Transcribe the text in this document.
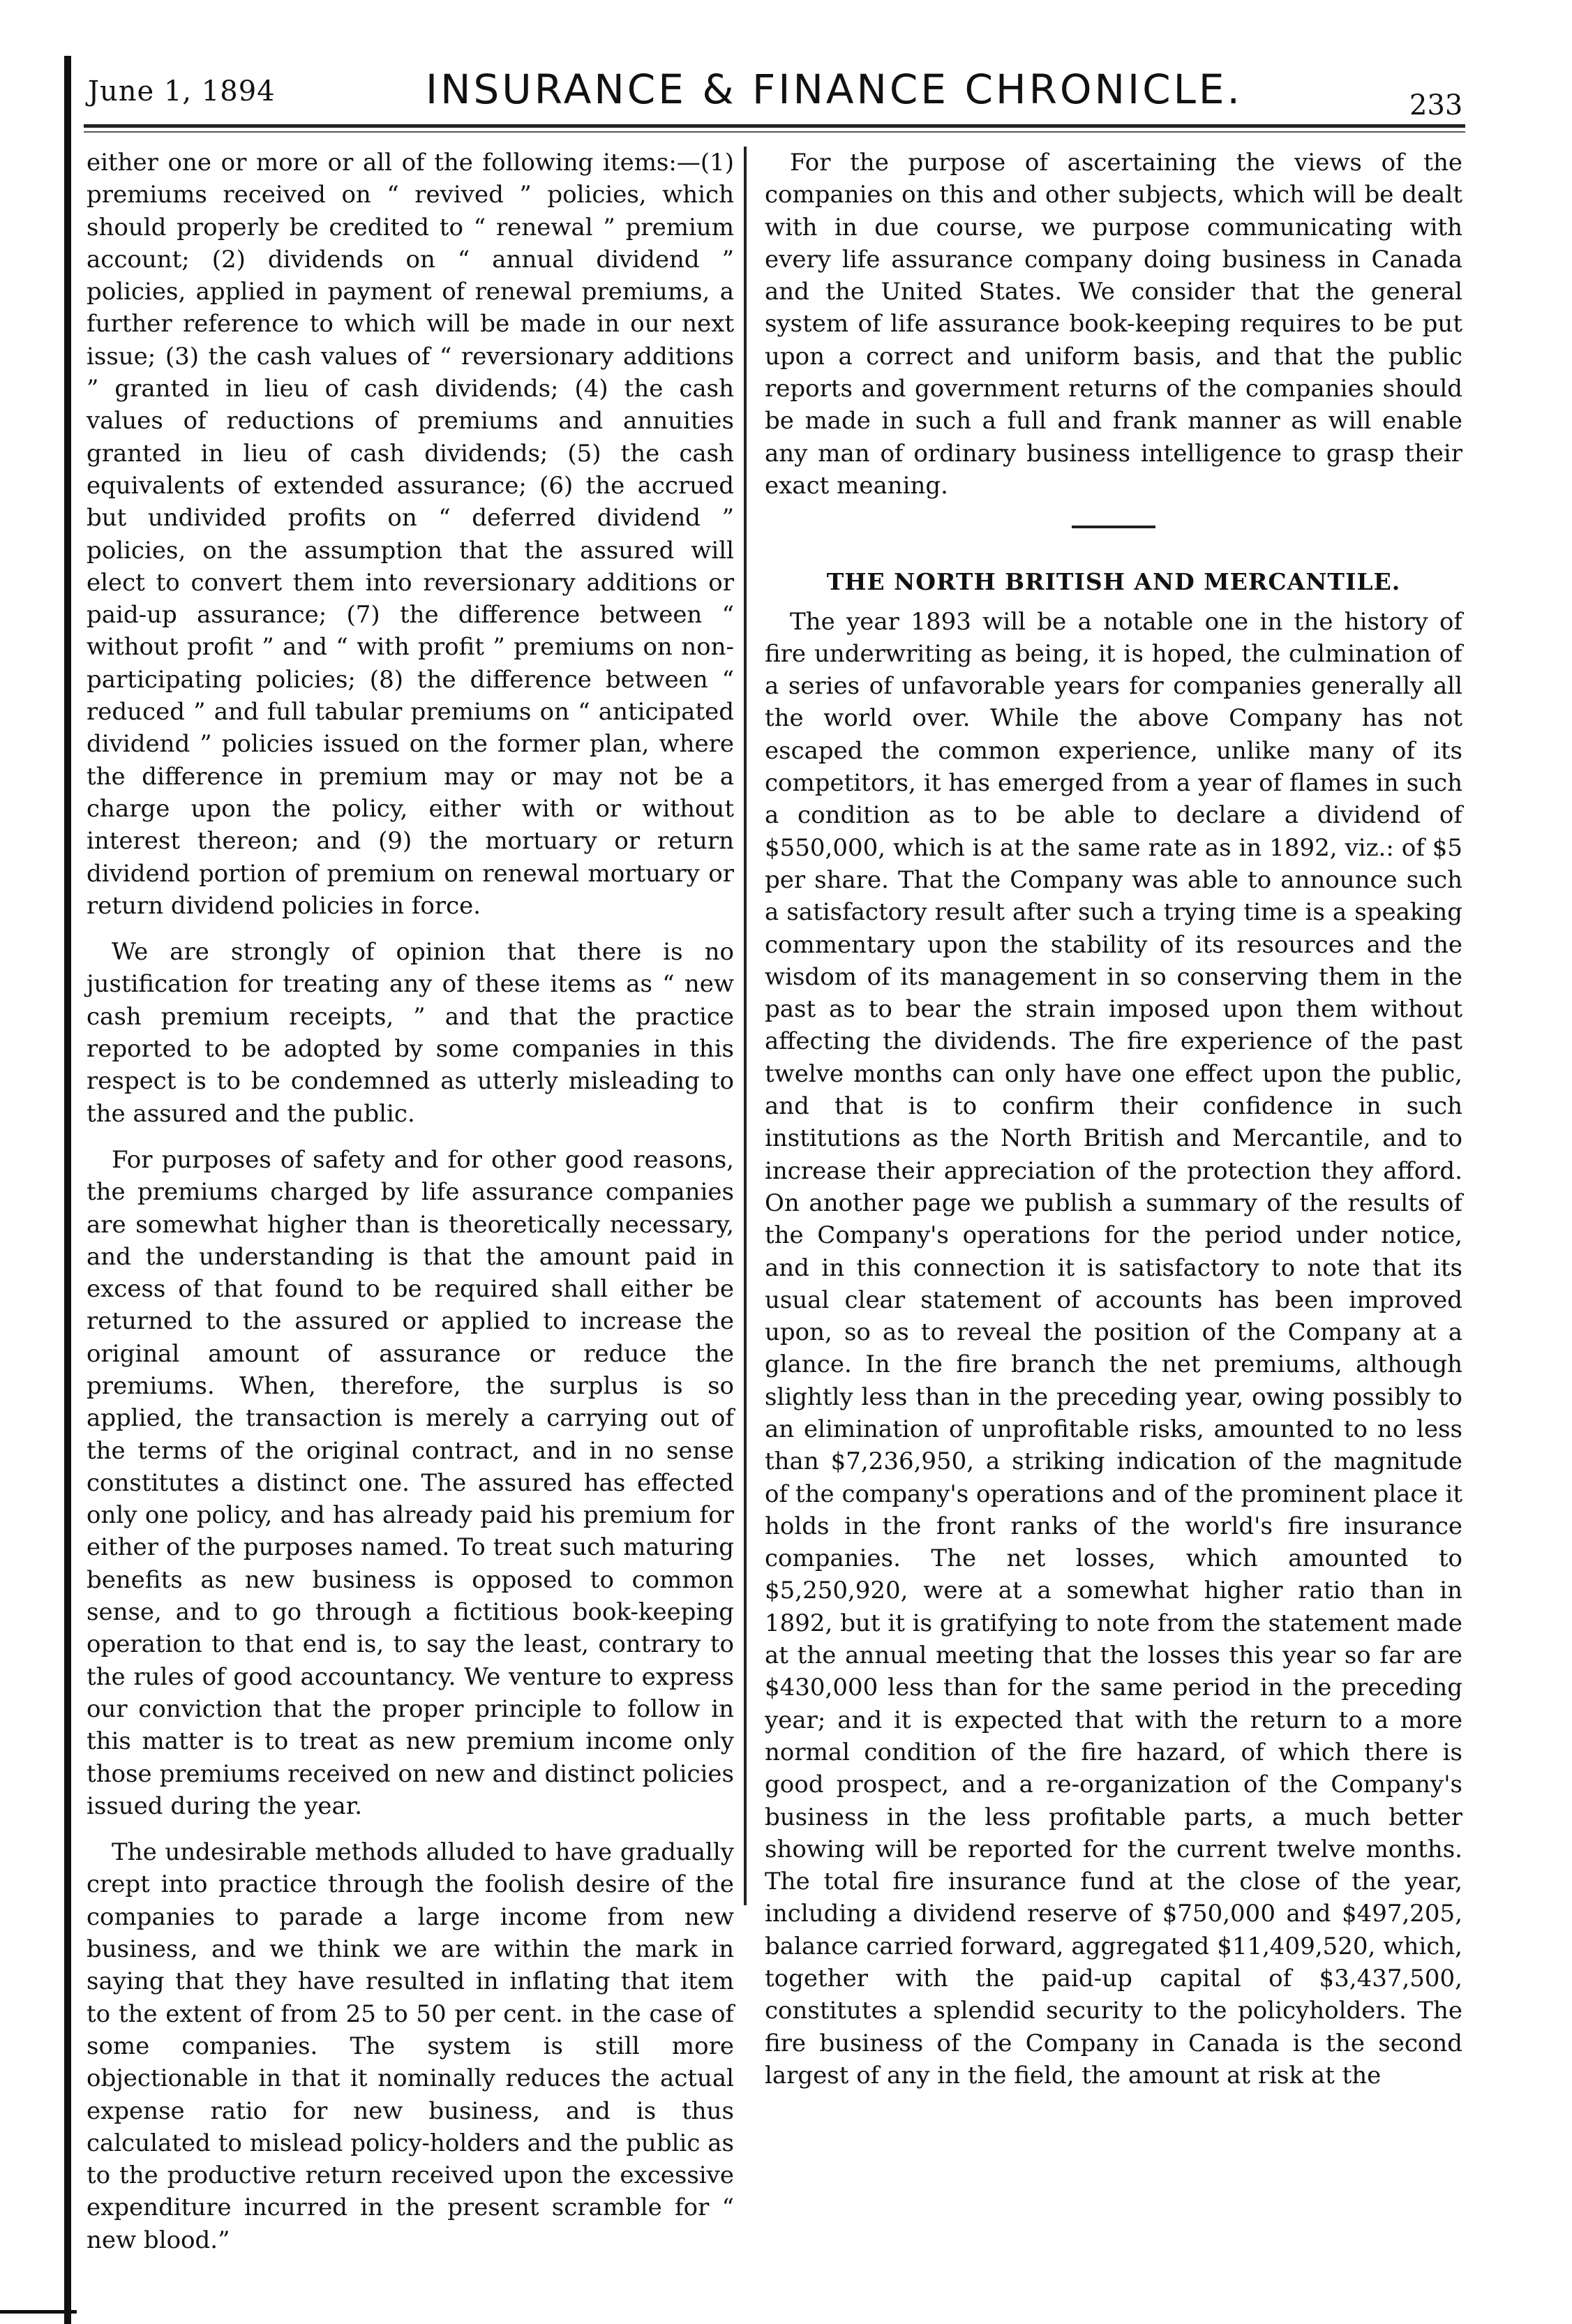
June 1, 1894	INSURANCE & FINANCE CHRONICLE.	233

either one or more or all of the following items:—(1) premiums received on “ revived ” policies, which should properly be credited to “ renewal ” premium account; (2) dividends on “ annual dividend ” policies, applied in payment of renewal premiums, a further reference to which will be made in our next issue; (3) the cash values of “ reversionary additions ” granted in lieu of cash dividends; (4) the cash values of reductions of premiums and annuities granted in lieu of cash dividends; (5) the cash equivalents of extended assurance; (6) the accrued but undivided profits on “ deferred dividend ” policies, on the assumption that the assured will elect to convert them into reversionary additions or paid-up assurance; (7) the difference between “ without profit ” and “ with profit ” premiums on non-participating policies; (8) the difference between “ reduced ” and full tabular premiums on “ anticipated dividend ” policies issued on the former plan, where the difference in premium may or may not be a charge upon the policy, either with or without interest thereon; and (9) the mortuary or return dividend portion of premium on renewal mortuary or return dividend policies in force.

We are strongly of opinion that there is no justification for treating any of these items as “ new cash premium receipts, ” and that the practice reported to be adopted by some companies in this respect is to be condemned as utterly misleading to the assured and the public.

For purposes of safety and for other good reasons, the premiums charged by life assurance companies are somewhat higher than is theoretically necessary, and the understanding is that the amount paid in excess of that found to be required shall either be returned to the assured or applied to increase the original amount of assurance or reduce the premiums. When, therefore, the surplus is so applied, the transaction is merely a carrying out of the terms of the original contract, and in no sense constitutes a distinct one. The assured has effected only one policy, and has already paid his premium for either of the purposes named. To treat such maturing benefits as new business is opposed to common sense, and to go through a fictitious book-keeping operation to that end is, to say the least, contrary to the rules of good accountancy. We venture to express our conviction that the proper principle to follow in this matter is to treat as new premium income only those premiums received on new and distinct policies issued during the year.

The undesirable methods alluded to have gradually crept into practice through the foolish desire of the companies to parade a large income from new business, and we think we are within the mark in saying that they have resulted in inflating that item to the extent of from 25 to 50 per cent. in the case of some companies. The system is still more objectionable in that it nominally reduces the actual expense ratio for new business, and is thus calculated to mislead policy-holders and the public as to the productive return received upon the excessive expenditure incurred in the present scramble for “ new blood.”

For the purpose of ascertaining the views of the companies on this and other subjects, which will be dealt with in due course, we purpose communicating with every life assurance company doing business in Canada and the United States. We consider that the general system of life assurance book-keeping requires to be put upon a correct and uniform basis, and that the public reports and government returns of the companies should be made in such a full and frank manner as will enable any man of ordinary business intelligence to grasp their exact meaning.

THE NORTH BRITISH AND MERCANTILE.

The year 1893 will be a notable one in the history of fire underwriting as being, it is hoped, the culmination of a series of unfavorable years for companies generally all the world over. While the above Company has not escaped the common experience, unlike many of its competitors, it has emerged from a year of flames in such a condition as to be able to declare a dividend of $550,000, which is at the same rate as in 1892, viz.: of $5 per share. That the Company was able to announce such a satisfactory result after such a trying time is a speaking commentary upon the stability of its resources and the wisdom of its management in so conserving them in the past as to bear the strain imposed upon them without affecting the dividends. The fire experience of the past twelve months can only have one effect upon the public, and that is to confirm their confidence in such institutions as the North British and Mercantile, and to increase their appreciation of the protection they afford. On another page we publish a summary of the results of the Company's operations for the period under notice, and in this connection it is satisfactory to note that its usual clear statement of accounts has been improved upon, so as to reveal the position of the Company at a glance. In the fire branch the net premiums, although slightly less than in the preceding year, owing possibly to an elimination of unprofitable risks, amounted to no less than $7,236,950, a striking indication of the magnitude of the company's operations and of the prominent place it holds in the front ranks of the world's fire insurance companies. The net losses, which amounted to $5,250,920, were at a somewhat higher ratio than in 1892, but it is gratifying to note from the statement made at the annual meeting that the losses this year so far are $430,000 less than for the same period in the preceding year; and it is expected that with the return to a more normal condition of the fire hazard, of which there is good prospect, and a re-organization of the Company's business in the less profitable parts, a much better showing will be reported for the current twelve months. The total fire insurance fund at the close of the year, including a dividend reserve of $750,000 and $497,205, balance carried forward, aggregated $11,409,520, which, together with the paid-up capital of $3,437,500, constitutes a splendid security to the policyholders. The fire business of the Company in Canada is the second largest of any in the field, the amount at risk at the
